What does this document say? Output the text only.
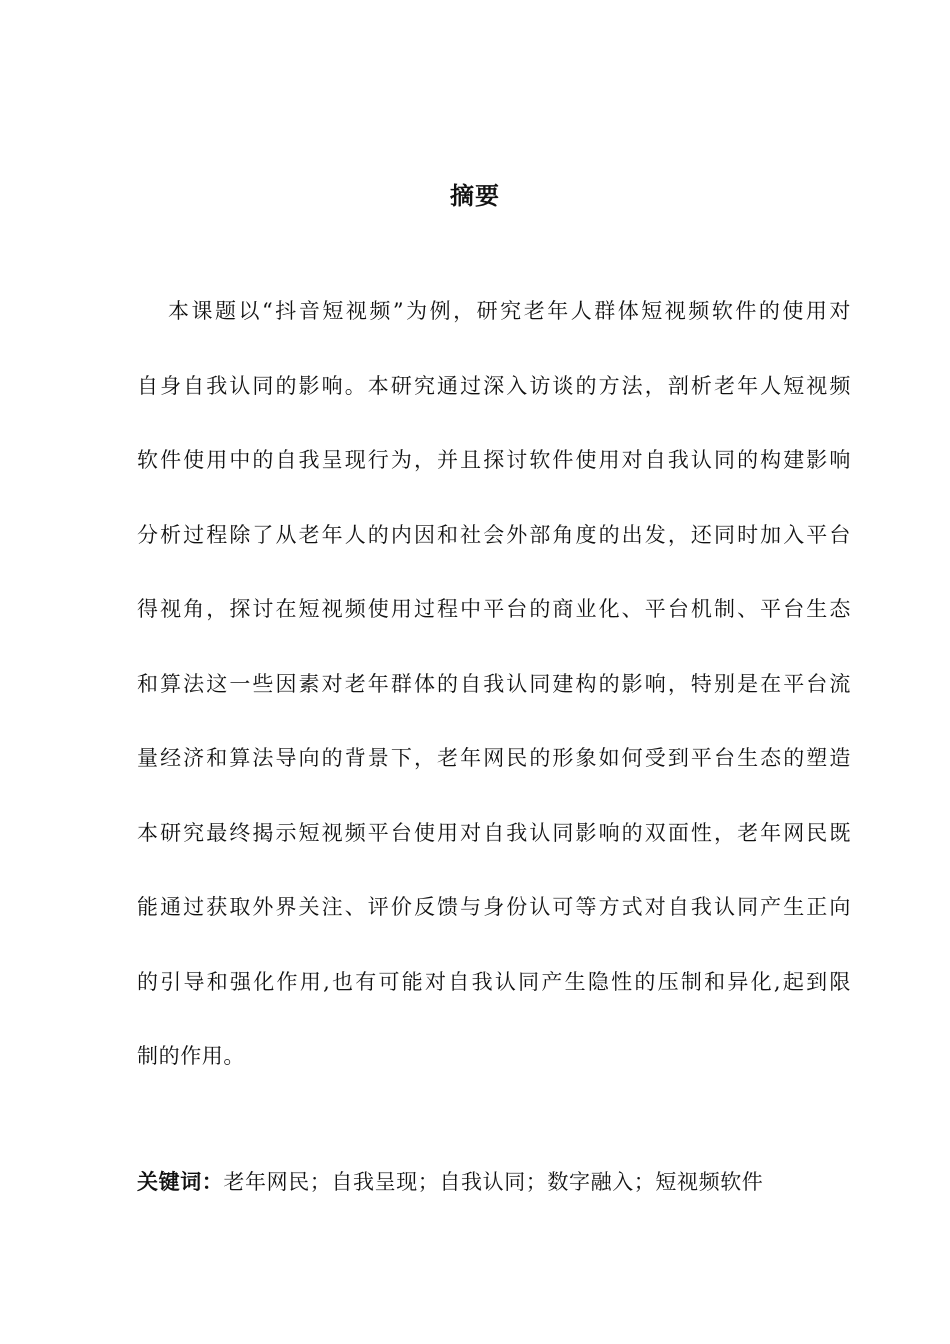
摘要
本课题以“抖音短视频”为例，研究老年人群体短视频软件的使用对
自身自我认同的影响。本研究通过深入访谈的方法，剖析老年人短视频
软件使用中的自我呈现行为，并且探讨软件使用对自我认同的构建影响
分析过程除了从老年人的内因和社会外部角度的出发，还同时加入平台
得视角，探讨在短视频使用过程中平台的商业化、平台机制、平台生态
和算法这一些因素对老年群体的自我认同建构的影响，特别是在平台流
量经济和算法导向的背景下，老年网民的形象如何受到平台生态的塑造
本研究最终揭示短视频平台使用对自我认同影响的双面性，老年网民既
能通过获取外界关注、评价反馈与身份认可等方式对自我认同产生正向
的引导和强化作用,也有可能对自我认同产生隐性的压制和异化,起到限
制的作用。
关键词：老年网民；自我呈现；自我认同；数字融入；短视频软件
